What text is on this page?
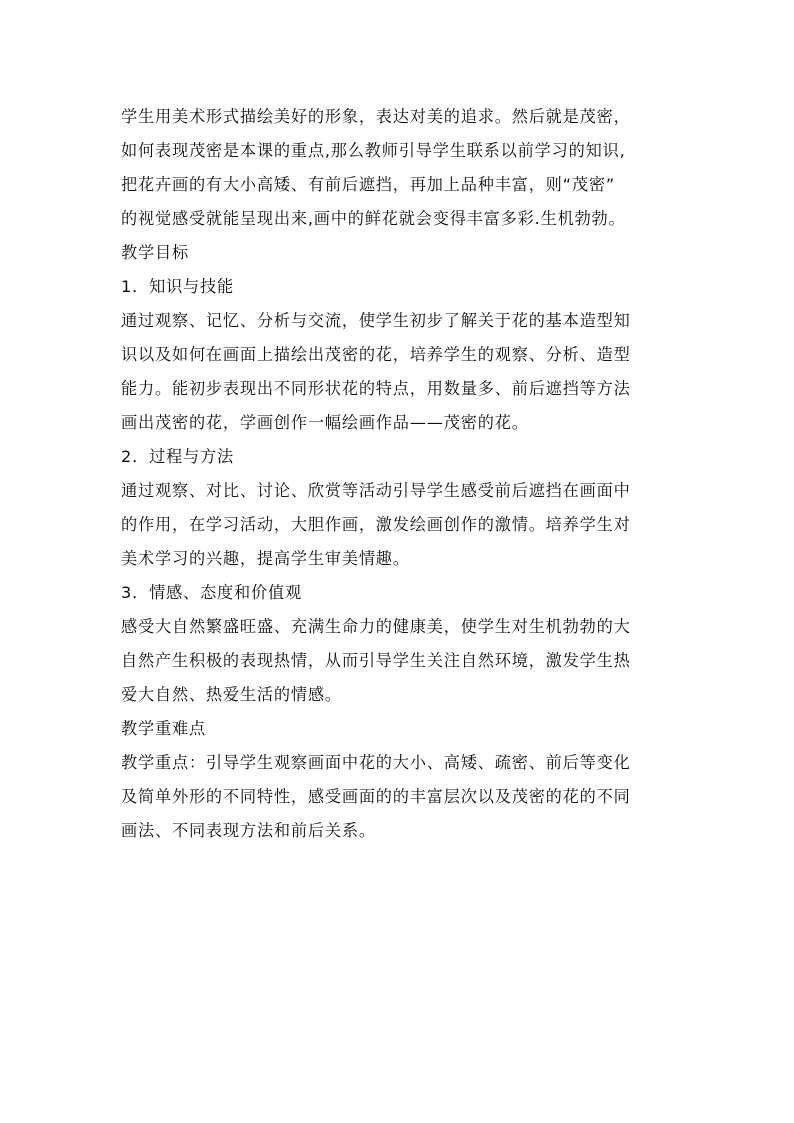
学生用美术形式描绘美好的形象，表达对美的追求。然后就是茂密，
如何表现茂密是本课的重点,那么教师引导学生联系以前学习的知识,
把花卉画的有大小高矮、有前后遮挡，再加上品种丰富，则“茂密”
的视觉感受就能呈现出来,画中的鲜花就会变得丰富多彩.生机勃勃。
教学目标
1．知识与技能
通过观察、记忆、分析与交流，使学生初步了解关于花的基本造型知
识以及如何在画面上描绘出茂密的花，培养学生的观察、分析、造型
能力。能初步表现出不同形状花的特点，用数量多、前后遮挡等方法
画出茂密的花，学画创作一幅绘画作品——茂密的花。
2．过程与方法
通过观察、对比、讨论、欣赏等活动引导学生感受前后遮挡在画面中
的作用，在学习活动，大胆作画，激发绘画创作的激情。培养学生对
美术学习的兴趣，提高学生审美情趣。
3．情感、态度和价值观
感受大自然繁盛旺盛、充满生命力的健康美，使学生对生机勃勃的大
自然产生积极的表现热情，从而引导学生关注自然环境，激发学生热
爱大自然、热爱生活的情感。
教学重难点
教学重点：引导学生观察画面中花的大小、高矮、疏密、前后等变化
及简单外形的不同特性，感受画面的的丰富层次以及茂密的花的不同
画法、不同表现方法和前后关系。
